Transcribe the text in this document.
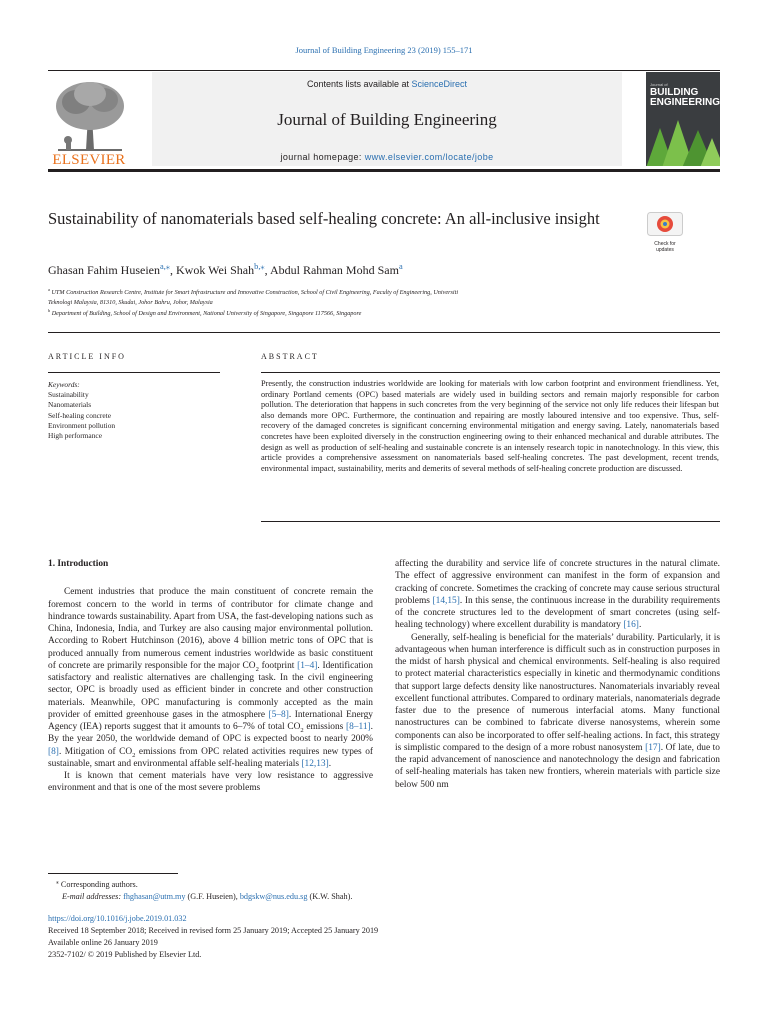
Journal of Building Engineering 23 (2019) 155–171
ELSEVIER
Contents lists available at ScienceDirect
Journal of Building Engineering
journal homepage: www.elsevier.com/locate/jobe
Journal of
BUILDING
ENGINEERING
Sustainability of nanomaterials based self-healing concrete: An all-inclusive insight
Check for
updates
Ghasan Fahim Huseien$^{a,⁎}$, Kwok Wei Shah$^{b,⁎}$, Abdul Rahman Mohd Sam$^a$
$^a$ UTM Construction Research Centre, Institute for Smart Infrastructure and Innovative Construction, School of Civil Engineering, Faculty of Engineering, Universiti
Teknologi Malaysia, 81310, Skudai, Johor Bahru, Johor, Malaysia
$^b$ Department of Building, School of Design and Environment, National University of Singapore, Singapore 117566, Singapore
ARTICLE INFO	ABSTRACT
Keywords:
Sustainability
Nanomaterials
Self-healing concrete
Environment pollution
High performance
Presently, the construction industries worldwide are looking for materials with low carbon footprint and environment friendliness. Yet, ordinary Portland cements (OPC) based materials are widely used in building sectors and remain majorly responsible for carbon pollution. The deterioration that happens in such concretes from the very beginning of the service not only life reduces their lifespan but also demands more OPC. Furthermore, the continuation and repairing are mostly laboured intensive and too expensive. Thus, self-recovery of the damaged concretes is significant concerning environmental mitigation and energy saving. Lately, nanomaterials based concretes have been exploited diversely in the construction engineering owing to their enhanced mechanical and durable attributes. The design as well as production of self-healing and sustainable concrete is an intensely research topic in nanotechnology. In this view, this article provides a comprehensive assessment on nanomaterials based self-healing concretes. The past development, recent trends, environmental impact, sustainability, merits and demerits of several methods of self-healing concrete production are discussed.
1. Introduction

Cement industries that produce the main constituent of concrete remain the foremost concern to the world in terms of contributor for climate change and hindrance towards sustainability. Apart from USA, the fast-developing nations such as China, Indonesia, India, and Turkey are also causing major environmental pollution. According to Robert Hutchinson (2016), above 4 billion metric tons of OPC that is produced annually from numerous cement industries worldwide as basic constituent of concrete are primarily responsible for the major $CO_2$ footprint [1–4]. Identification satisfactory and realistic alternatives are challenging task. In the civil engineering sector, OPC is broadly used as efficient binder in concrete and other construction materials. Meanwhile, OPC manufacturing is commonly accepted as the main provider of emitted greenhouse gases in the atmosphere [5–8]. International Energy Agency (IEA) reports suggest that it amounts to 6–7% of total $CO_2$ emissions [8–11]. By the year 2050, the worldwide demand of OPC is expected boost to nearly 200% [8]. Mitigation of $CO_2$ emissions from OPC related activities requires new types of sustainable, smart and environmental affable self-healing materials [12,13].

It is known that cement materials have very low resistance to aggressive environment and that is one of the most severe problems

affecting the durability and service life of concrete structures in the natural climate. The effect of aggressive environment can manifest in the form of expansion and cracking of concrete. Sometimes the cracking of concrete may cause serious structural problems [14,15]. In this sense, the continuous increase in the durability requirements of the concrete structures led to the development of smart concretes (using self-healing technology) where excellent durability is mandatory [16].

Generally, self-healing is beneficial for the materials’ durability. Particularly, it is advantageous when human interference is difficult such as in construction purposes in the midst of harsh physical and chemical environments. Self-healing is also required to protect material characteristics especially in kinetic and thermodynamic conditions that support large defects density like nanostructures. Nanomaterials invariably reveal excellent functional attributes. Compared to ordinary materials, nanomaterials degrade faster due to the presence of numerous interfacial atoms. Many functional nanostructures can be combined to fabricate diverse nanosystems, wherein some components can also be incorporated to offer self-healing actions. In fact, this strategy is simplistic compared to the design of a more robust nanosystem [17]. Of late, due to the rapid advancement of nanoscience and nanotechnology the design and fabrication of self-healing materials has taken new frontiers, wherein materials with particle size below 500 nm

⁎ Corresponding authors.
E-mail addresses: fhghasan@utm.my (G.F. Huseien), bdgskw@nus.edu.sg (K.W. Shah).
https://doi.org/10.1016/j.jobe.2019.01.032
Received 18 September 2018; Received in revised form 25 January 2019; Accepted 25 January 2019
Available online 26 January 2019
2352-7102/ © 2019 Published by Elsevier Ltd.
